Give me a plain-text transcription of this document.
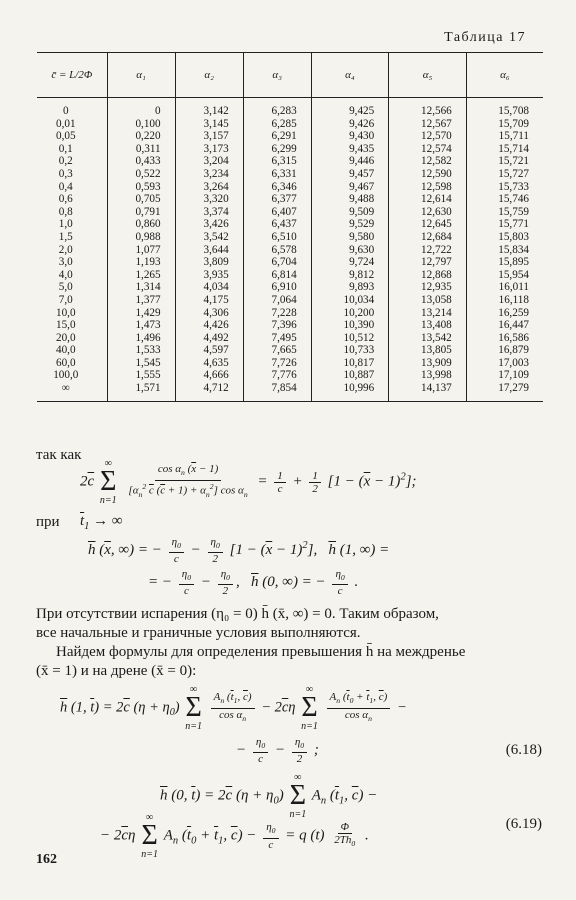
Таблица 17
c̄ = L/2Φ	α₁	α₂	α₃	α₄	α₅	α₆
0	0	3,142	6,283	9,425	12,566	15,708
0,01	0,100	3,145	6,285	9,426	12,567	15,709
0,05	0,220	3,157	6,291	9,430	12,570	15,711
0,1	0,311	3,173	6,299	9,435	12,574	15,714
0,2	0,433	3,204	6,315	9,446	12,582	15,721
0,3	0,522	3,234	6,331	9,457	12,590	15,727
0,4	0,593	3,264	6,346	9,467	12,598	15,733
0,6	0,705	3,320	6,377	9,488	12,614	15,746
0,8	0,791	3,374	6,407	9,509	12,630	15,759
1,0	0,860	3,426	6,437	9,529	12,645	15,771
1,5	0,988	3,542	6,510	9,580	12,684	15,803
2,0	1,077	3,644	6,578	9,630	12,722	15,834
3,0	1,193	3,809	6,704	9,724	12,797	15,895
4,0	1,265	3,935	6,814	9,812	12,868	15,954
5,0	1,314	4,034	6,910	9,893	12,935	16,011
7,0	1,377	4,175	7,064	10,034	13,058	16,118
10,0	1,429	4,306	7,228	10,200	13,214	16,259
15,0	1,473	4,426	7,396	10,390	13,408	16,447
20,0	1,496	4,492	7,495	10,512	13,542	16,586
40,0	1,533	4,597	7,665	10,733	13,805	16,879
60,0	1,545	4,635	7,726	10,817	13,909	17,003
100,0	1,555	4,666	7,776	10,887	13,998	17,109
∞	1,571	4,712	7,854	10,996	14,137	17,279
так как
$2\overline{c}$
∞
Σ
n=1
$\frac{\cos \alpha_n (\overline{x} - 1)}{[\alpha_n^2 \overline{c} (\overline{c} + 1) + \alpha_n^2] \cos \alpha_n} = \frac{1}{c} + \frac{1}{2} [1 - (\overline{x} - 1)^2]$;
при $\overline{t}_1$ → ∞
$\overline{h}$ ($\overline{x}$, ∞) = − $\frac{\eta_0}{c} - \frac{\eta_0}{2} [1 - (\overline{x} - 1)^2]$,   $\overline{h}$ (1, ∞) =
= − $\frac{\eta_0}{c} - \frac{\eta_0}{2}$ ,   $\overline{h}$ (0, ∞) = − $\frac{\eta_0}{c}$ .
При отсутствии испарения (η₀ = 0) h̄ (x̄, ∞) = 0. Таким образом,
все начальные и граничные условия выполняются.
Найдем формулы для определения превышения h̄ на междренье
(x̄ = 1) и на дрене (x̄ = 0):
$\overline{h}$ (1, $\overline{t}) = 2\overline{c}$ $(\eta + \eta_0)$
∞
Σ
n=1

$\frac{A_n (\overline{t}_1, \overline{c})}{\cos \alpha_n} - 2\overline{c}\eta$
∞
Σ
n=1

$\frac{A_n (\overline{t}_0 + \overline{t}_1, \overline{c})}{\cos \alpha_n}$ −
− $\frac{\eta_0}{c} - \frac{\eta_0}{2}$ ;	(6.18)
$\overline{h}$ (0, $\overline{t}) = 2\overline{c}$ $(\eta + \eta_0)$
∞
Σ
n=1
$A_n$ ($\overline{t}_1$, $\overline{c}$) −
− $2\overline{c}\eta$
∞
Σ
n=1
$A_n$ ($\overline{t}_0 + \overline{t}_1$, $\overline{c}) - \frac{\eta_0}{c} = q$ $(t) \frac{\Phi}{2Th_0}$ .
(6.19)
162
